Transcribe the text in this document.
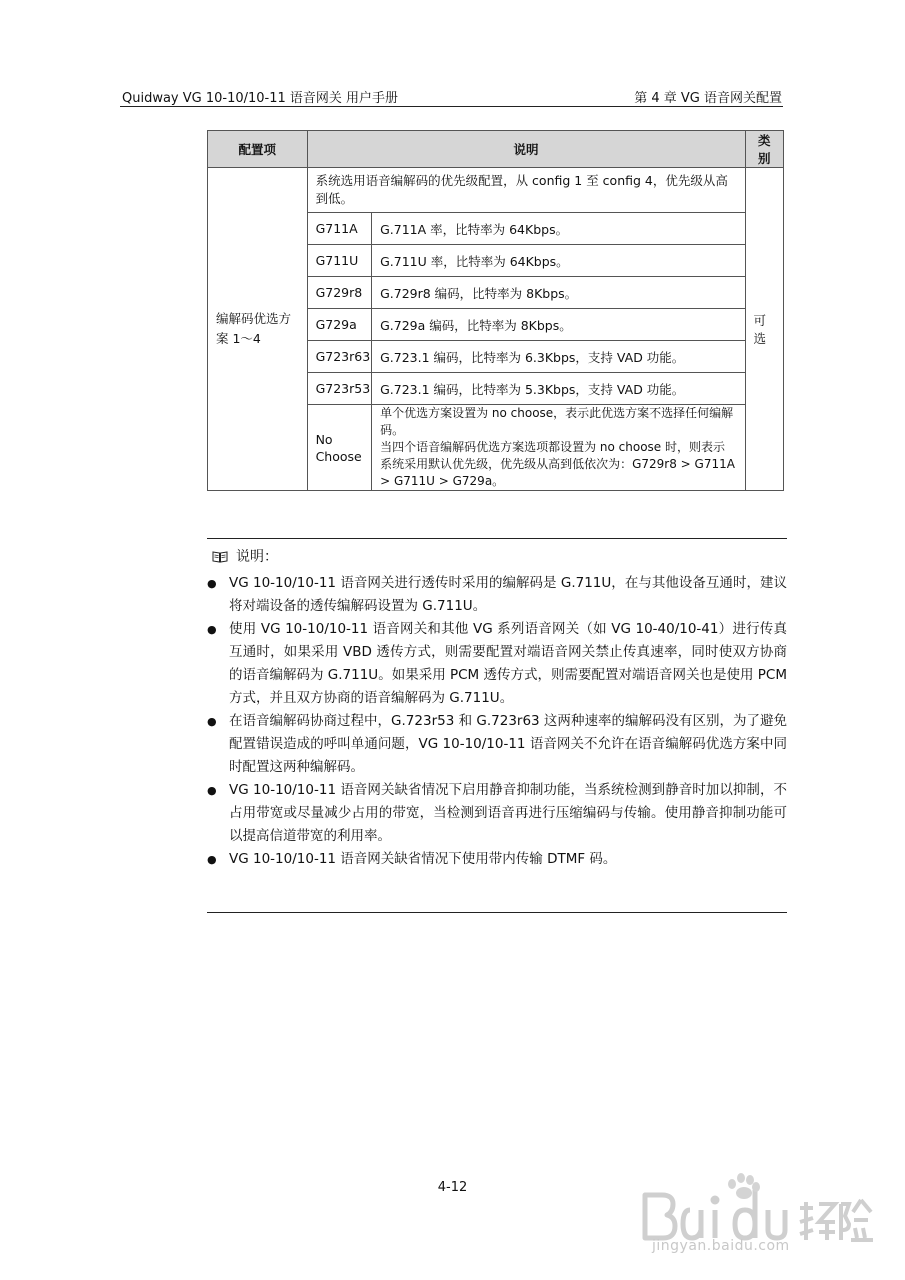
Quidway VG 10-10/10-11 语音网关 用户手册	第 4 章 VG 语音网关配置
配置项	说明		类别
编解码优选方案 1～4	系统选用语音编解码的优先级配置，从 config 1 至 config 4，优先级从高到低。		可选
	G711A	G.711A 率，比特率为 64Kbps。	
	G711U	G.711U 率，比特率为 64Kbps。	
	G729r8	G.729r8 编码，比特率为 8Kbps。	
	G729a	G.729a 编码，比特率为 8Kbps。	
	G723r63	G.723.1 编码，比特率为 6.3Kbps，支持 VAD 功能。	
	G723r53	G.723.1 编码，比特率为 5.3Kbps，支持 VAD 功能。	
	No Choose	单个优选方案设置为 no choose，表示此优选方案不选择任何编解码。
当四个语音编解码优选方案选项都设置为 no choose 时，则表示系统采用默认优先级，优先级从高到低依次为：G729r8 > G711A > G711U > G729a。	
说明：
● VG 10-10/10-11 语音网关进行透传时采用的编解码是 G.711U，在与其他设备互通时，建议将对端设备的透传编解码设置为 G.711U。
● 使用 VG 10-10/10-11 语音网关和其他 VG 系列语音网关（如 VG 10-40/10-41）进行传真互通时，如果采用 VBD 透传方式，则需要配置对端语音网关禁止传真速率，同时使双方协商的语音编解码为 G.711U。如果采用 PCM 透传方式，则需要配置对端语音网关也是使用 PCM 方式，并且双方协商的语音编解码为 G.711U。
● 在语音编解码协商过程中，G.723r53 和 G.723r63 这两种速率的编解码没有区别，为了避免配置错误造成的呼叫单通问题，VG 10-10/10-11 语音网关不允许在语音编解码优选方案中同时配置这两种编解码。
● VG 10-10/10-11 语音网关缺省情况下启用静音抑制功能，当系统检测到静音时加以抑制，不占用带宽或尽量减少占用的带宽，当检测到语音再进行压缩编码与传输。使用静音抑制功能可以提高信道带宽的利用率。
● VG 10-10/10-11 语音网关缺省情况下使用带内传输 DTMF 码。
4-12
jingyan.baidu.com
